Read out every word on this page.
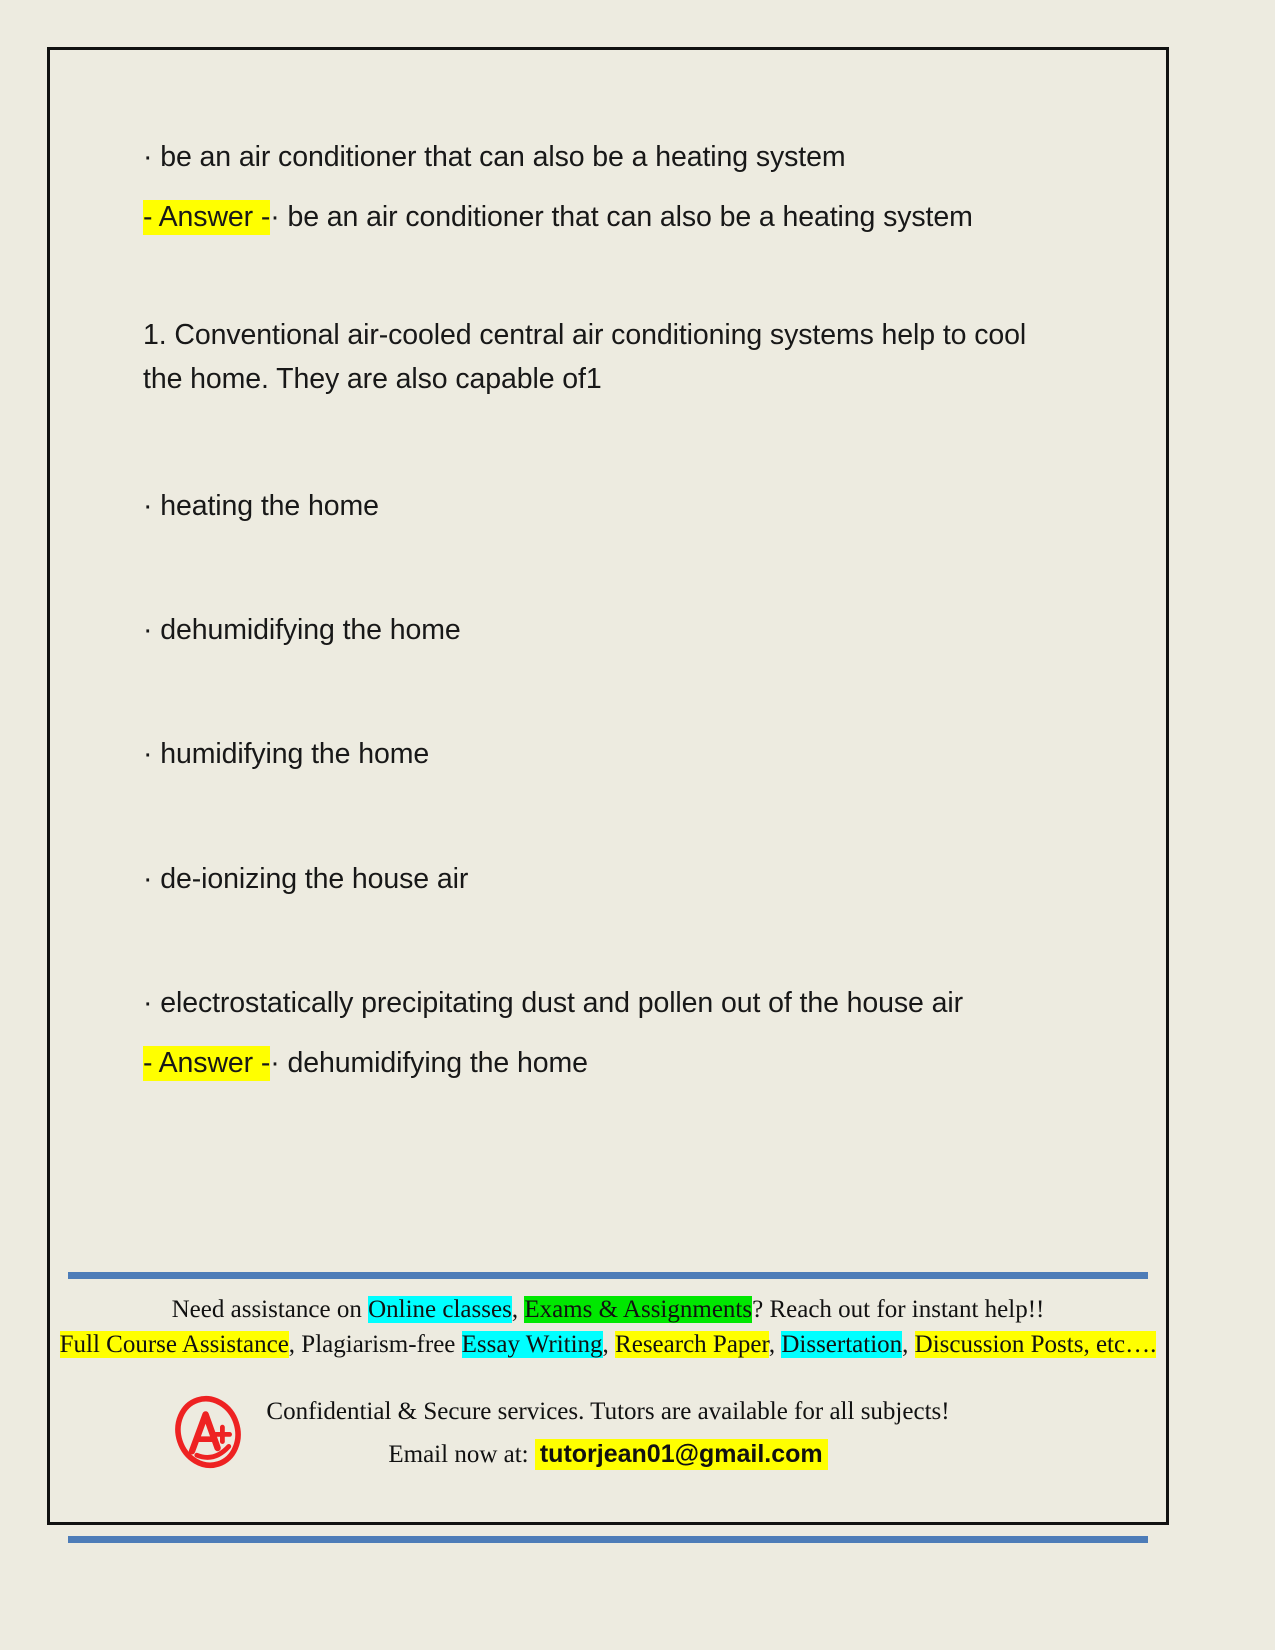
· be an air conditioner that can also be a heating system
- Answer -· be an air conditioner that can also be a heating system
1. Conventional air-cooled central air conditioning systems help to cool the home. They are also capable of1
· heating the home
· dehumidifying the home
· humidifying the home
· de-ionizing the house air
· electrostatically precipitating dust and pollen out of the house air
- Answer -· dehumidifying the home
Need assistance on Online classes, Exams & Assignments? Reach out for instant help!!
Full Course Assistance, Plagiarism-free Essay Writing, Research Paper, Dissertation, Discussion Posts, etc….
Confidential & Secure services. Tutors are available for all subjects!
Email now at: tutorjean01@gmail.com
